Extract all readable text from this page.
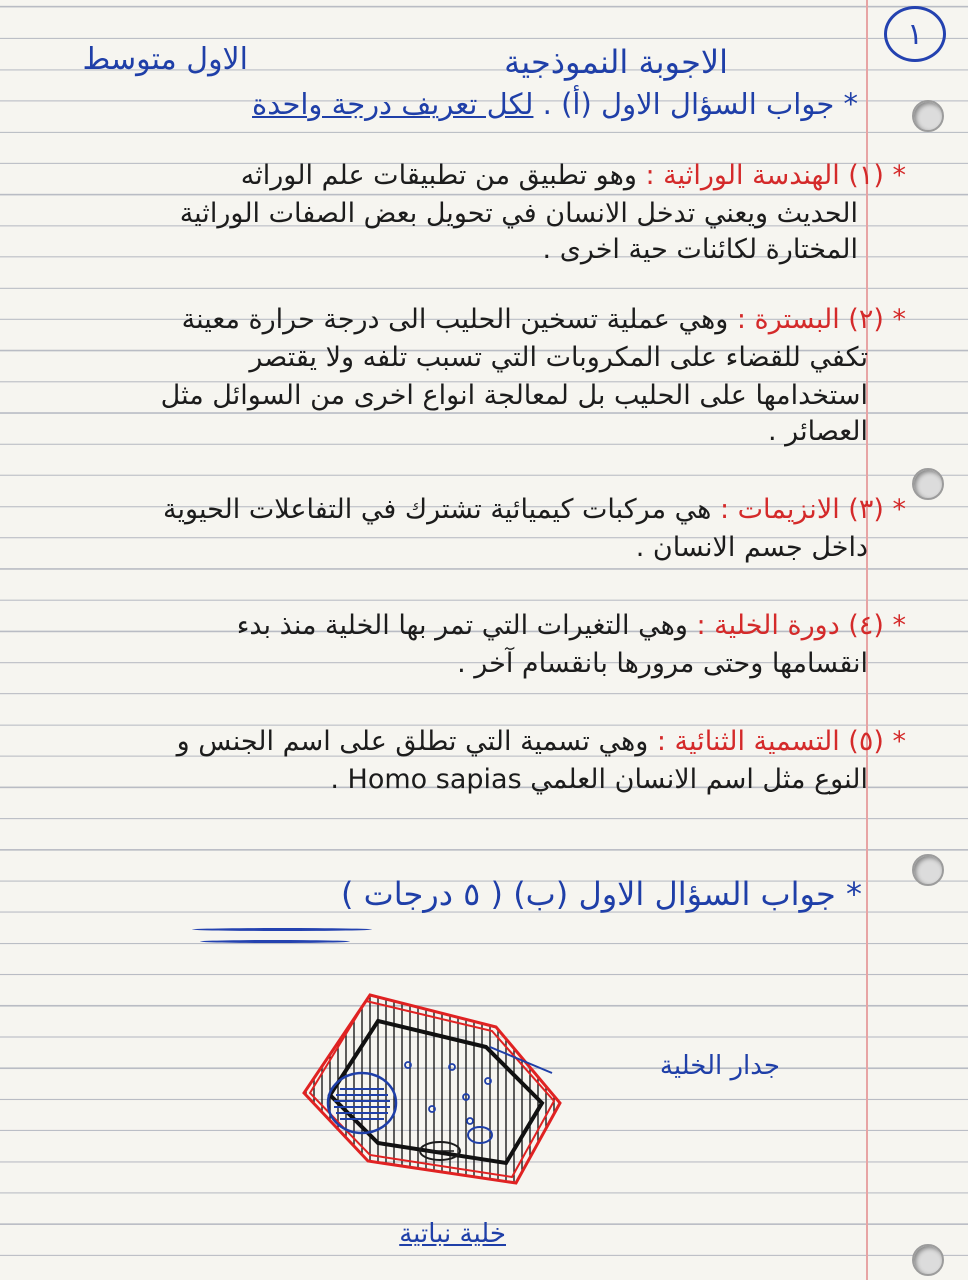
١
الاول متوسط	الاجوبة النموذجية
* جواب السؤال الاول (أ) . لكل تعريف درجة واحدة
* (١) الهندسة الوراثية : وهو تطبيق من تطبيقات علم الوراثه
الحديث ويعني تدخل الانسان في تحويل بعض الصفات الوراثية
المختارة لكائنات حية اخرى .
* (٢) البسترة : وهي عملية تسخين الحليب الى درجة حرارة معينة
تكفي للقضاء على المكروبات التي تسبب تلفه ولا يقتصر
استخدامها على الحليب بل لمعالجة انواع اخرى من السوائل مثل
العصائر .
* (٣) الانزيمات : هي مركبات كيميائية تشترك في التفاعلات الحيوية
داخل جسم الانسان .
* (٤) دورة الخلية : وهي التغيرات التي تمر بها الخلية منذ بدء
انقسامها وحتى مرورها بانقسام آخر .
* (٥) التسمية الثنائية : وهي تسمية التي تطلق على اسم الجنس و
النوع مثل اسم الانسان العلمي Homo sapias .
* جواب السؤال الاول (ب) ( ٥ درجات )
جدار الخلية
خلية نباتية
